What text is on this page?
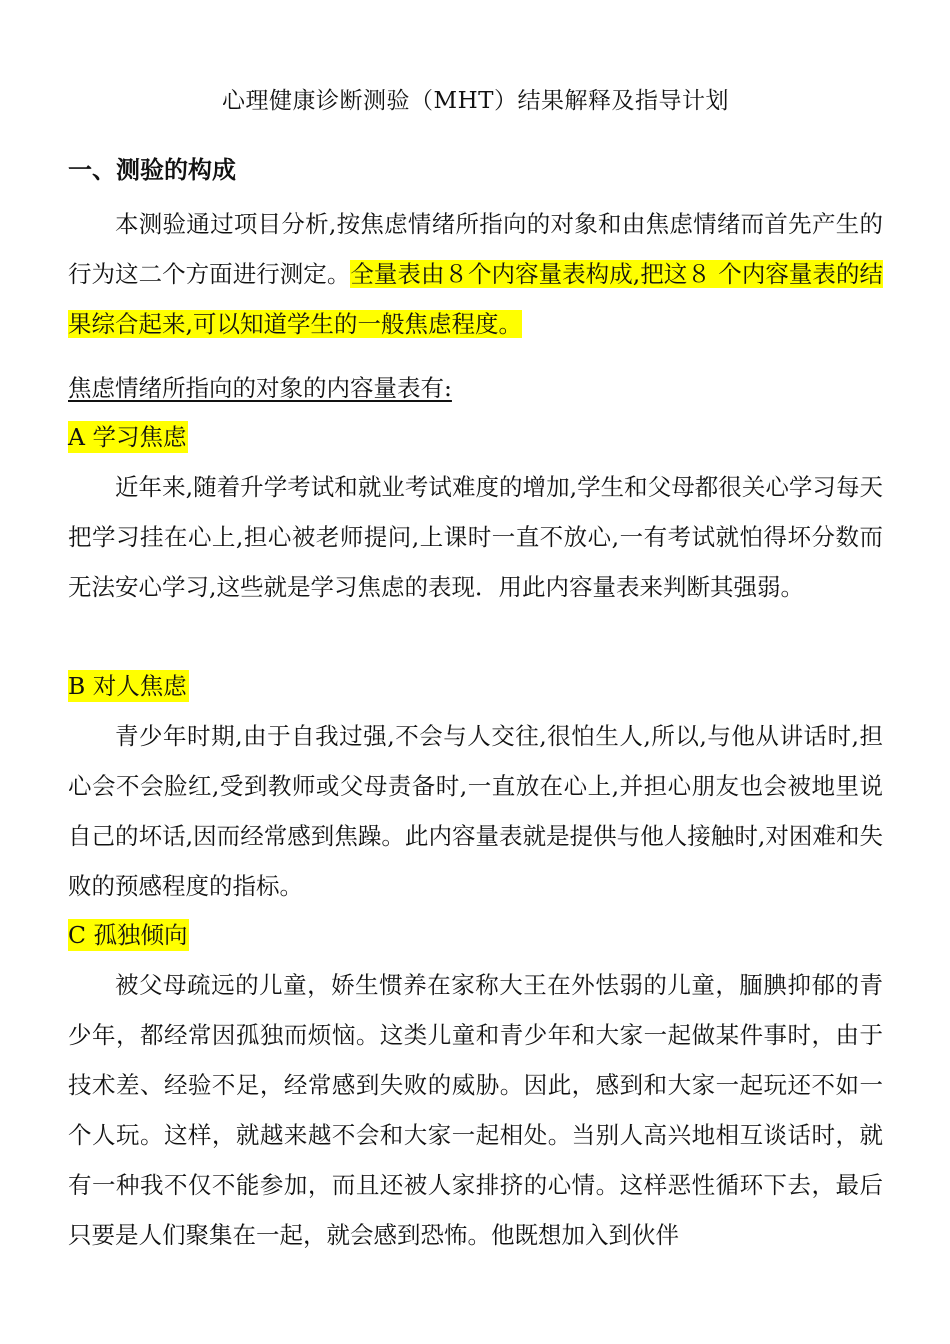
心理健康诊断测验（MHT）结果解释及指导计划
一、测验的构成

本测验通过项目分析,按焦虑情绪所指向的对象和由焦虑情绪而首先产生的行为这二个方面进行测定。全量表由８个内容量表构成,把这８ 个内容量表的结果综合起来,可以知道学生的一般焦虑程度。

焦虑情绪所指向的对象的内容量表有:
A 学习焦虑

近年来,随着升学考试和就业考试难度的增加,学生和父母都很关心学习每天把学习挂在心上,担心被老师提问,上课时一直不放心,一有考试就怕得坏分数而无法安心学习,这些就是学习焦虑的表现．用此内容量表来判断其强弱。

B 对人焦虑

青少年时期,由于自我过强,不会与人交往,很怕生人,所以,与他从讲话时,担心会不会脸红,受到教师或父母责备时,一直放在心上,并担心朋友也会被地里说自己的坏话,因而经常感到焦躁。此内容量表就是提供与他人接触时,对困难和失败的预感程度的指标。

C 孤独倾向

被父母疏远的儿童，娇生惯养在家称大王在外怯弱的儿童，腼腆抑郁的青少年，都经常因孤独而烦恼。这类儿童和青少年和大家一起做某件事时，由于技术差、经验不足，经常感到失败的威胁。因此，感到和大家一起玩还不如一个人玩。这样，就越来越不会和大家一起相处。当别人高兴地相互谈话时，就有一种我不仅不能参加，而且还被人家排挤的心情。这样恶性循环下去，最后只要是人们聚集在一起，就会感到恐怖。他既想加入到伙伴
